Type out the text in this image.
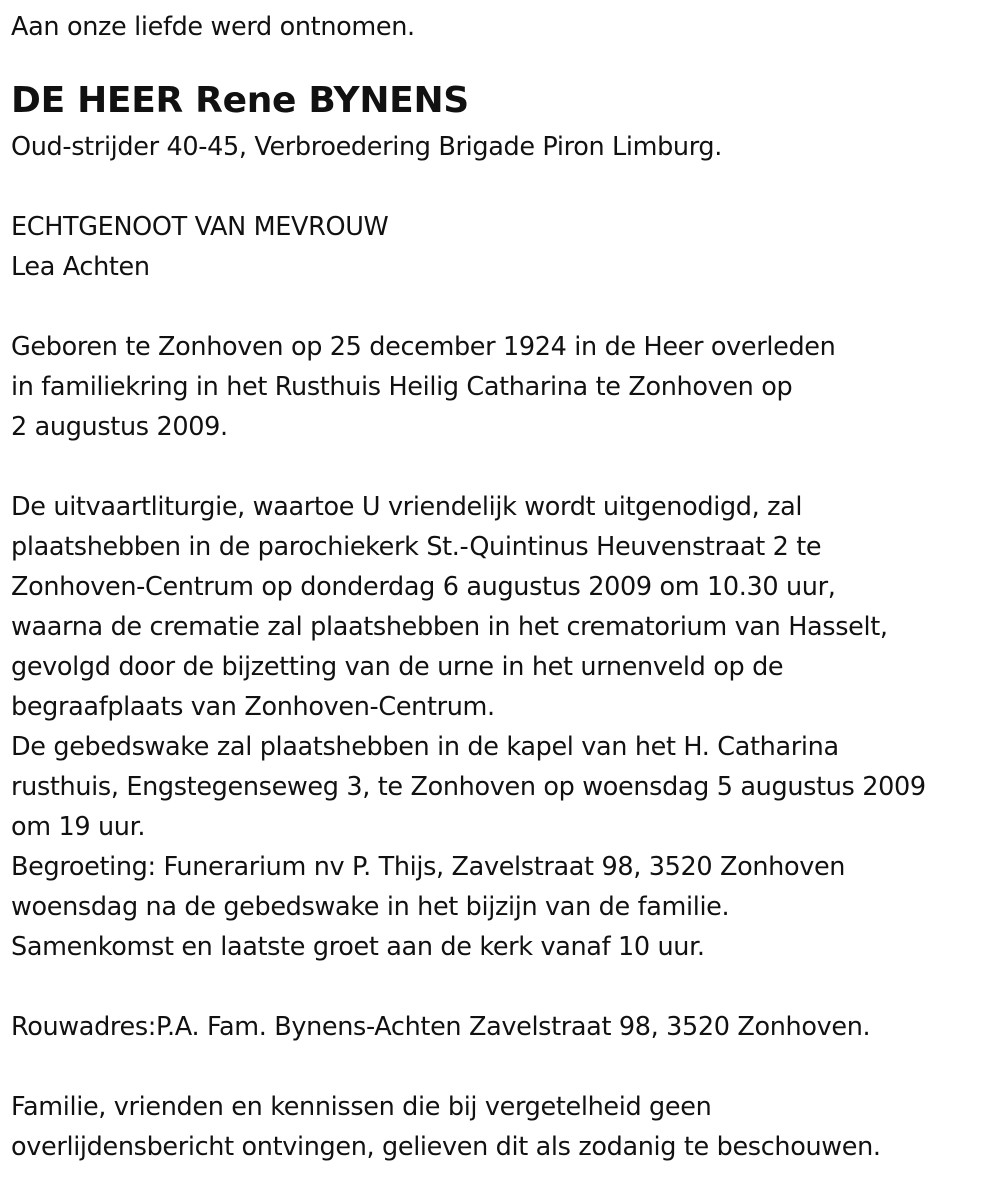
Aan onze liefde werd ontnomen.
DE HEER Rene BYNENS
Oud-strijder 40-45, Verbroedering Brigade Piron Limburg.
ECHTGENOOT VAN MEVROUW
Lea Achten
Geboren te Zonhoven op 25 december 1924 in de Heer overleden
in familiekring in het Rusthuis Heilig Catharina te Zonhoven op
2 augustus 2009.
De uitvaartliturgie, waartoe U vriendelijk wordt uitgenodigd, zal
plaatshebben in de parochiekerk St.-Quintinus Heuvenstraat 2 te
Zonhoven-Centrum op donderdag 6 augustus 2009 om 10.30 uur,
waarna de crematie zal plaatshebben in het crematorium van Hasselt,
gevolgd door de bijzetting van de urne in het urnenveld op de
begraafplaats van Zonhoven-Centrum.
De gebedswake zal plaatshebben in de kapel van het H. Catharina
rusthuis, Engstegenseweg 3, te Zonhoven op woensdag 5 augustus 2009
om 19 uur.
Begroeting: Funerarium nv P. Thijs, Zavelstraat 98, 3520 Zonhoven
woensdag na de gebedswake in het bijzijn van de familie.
Samenkomst en laatste groet aan de kerk vanaf 10 uur.
Rouwadres:P.A. Fam. Bynens-Achten Zavelstraat 98, 3520 Zonhoven.
Familie, vrienden en kennissen die bij vergetelheid geen
overlijdensbericht ontvingen, gelieven dit als zodanig te beschouwen.
